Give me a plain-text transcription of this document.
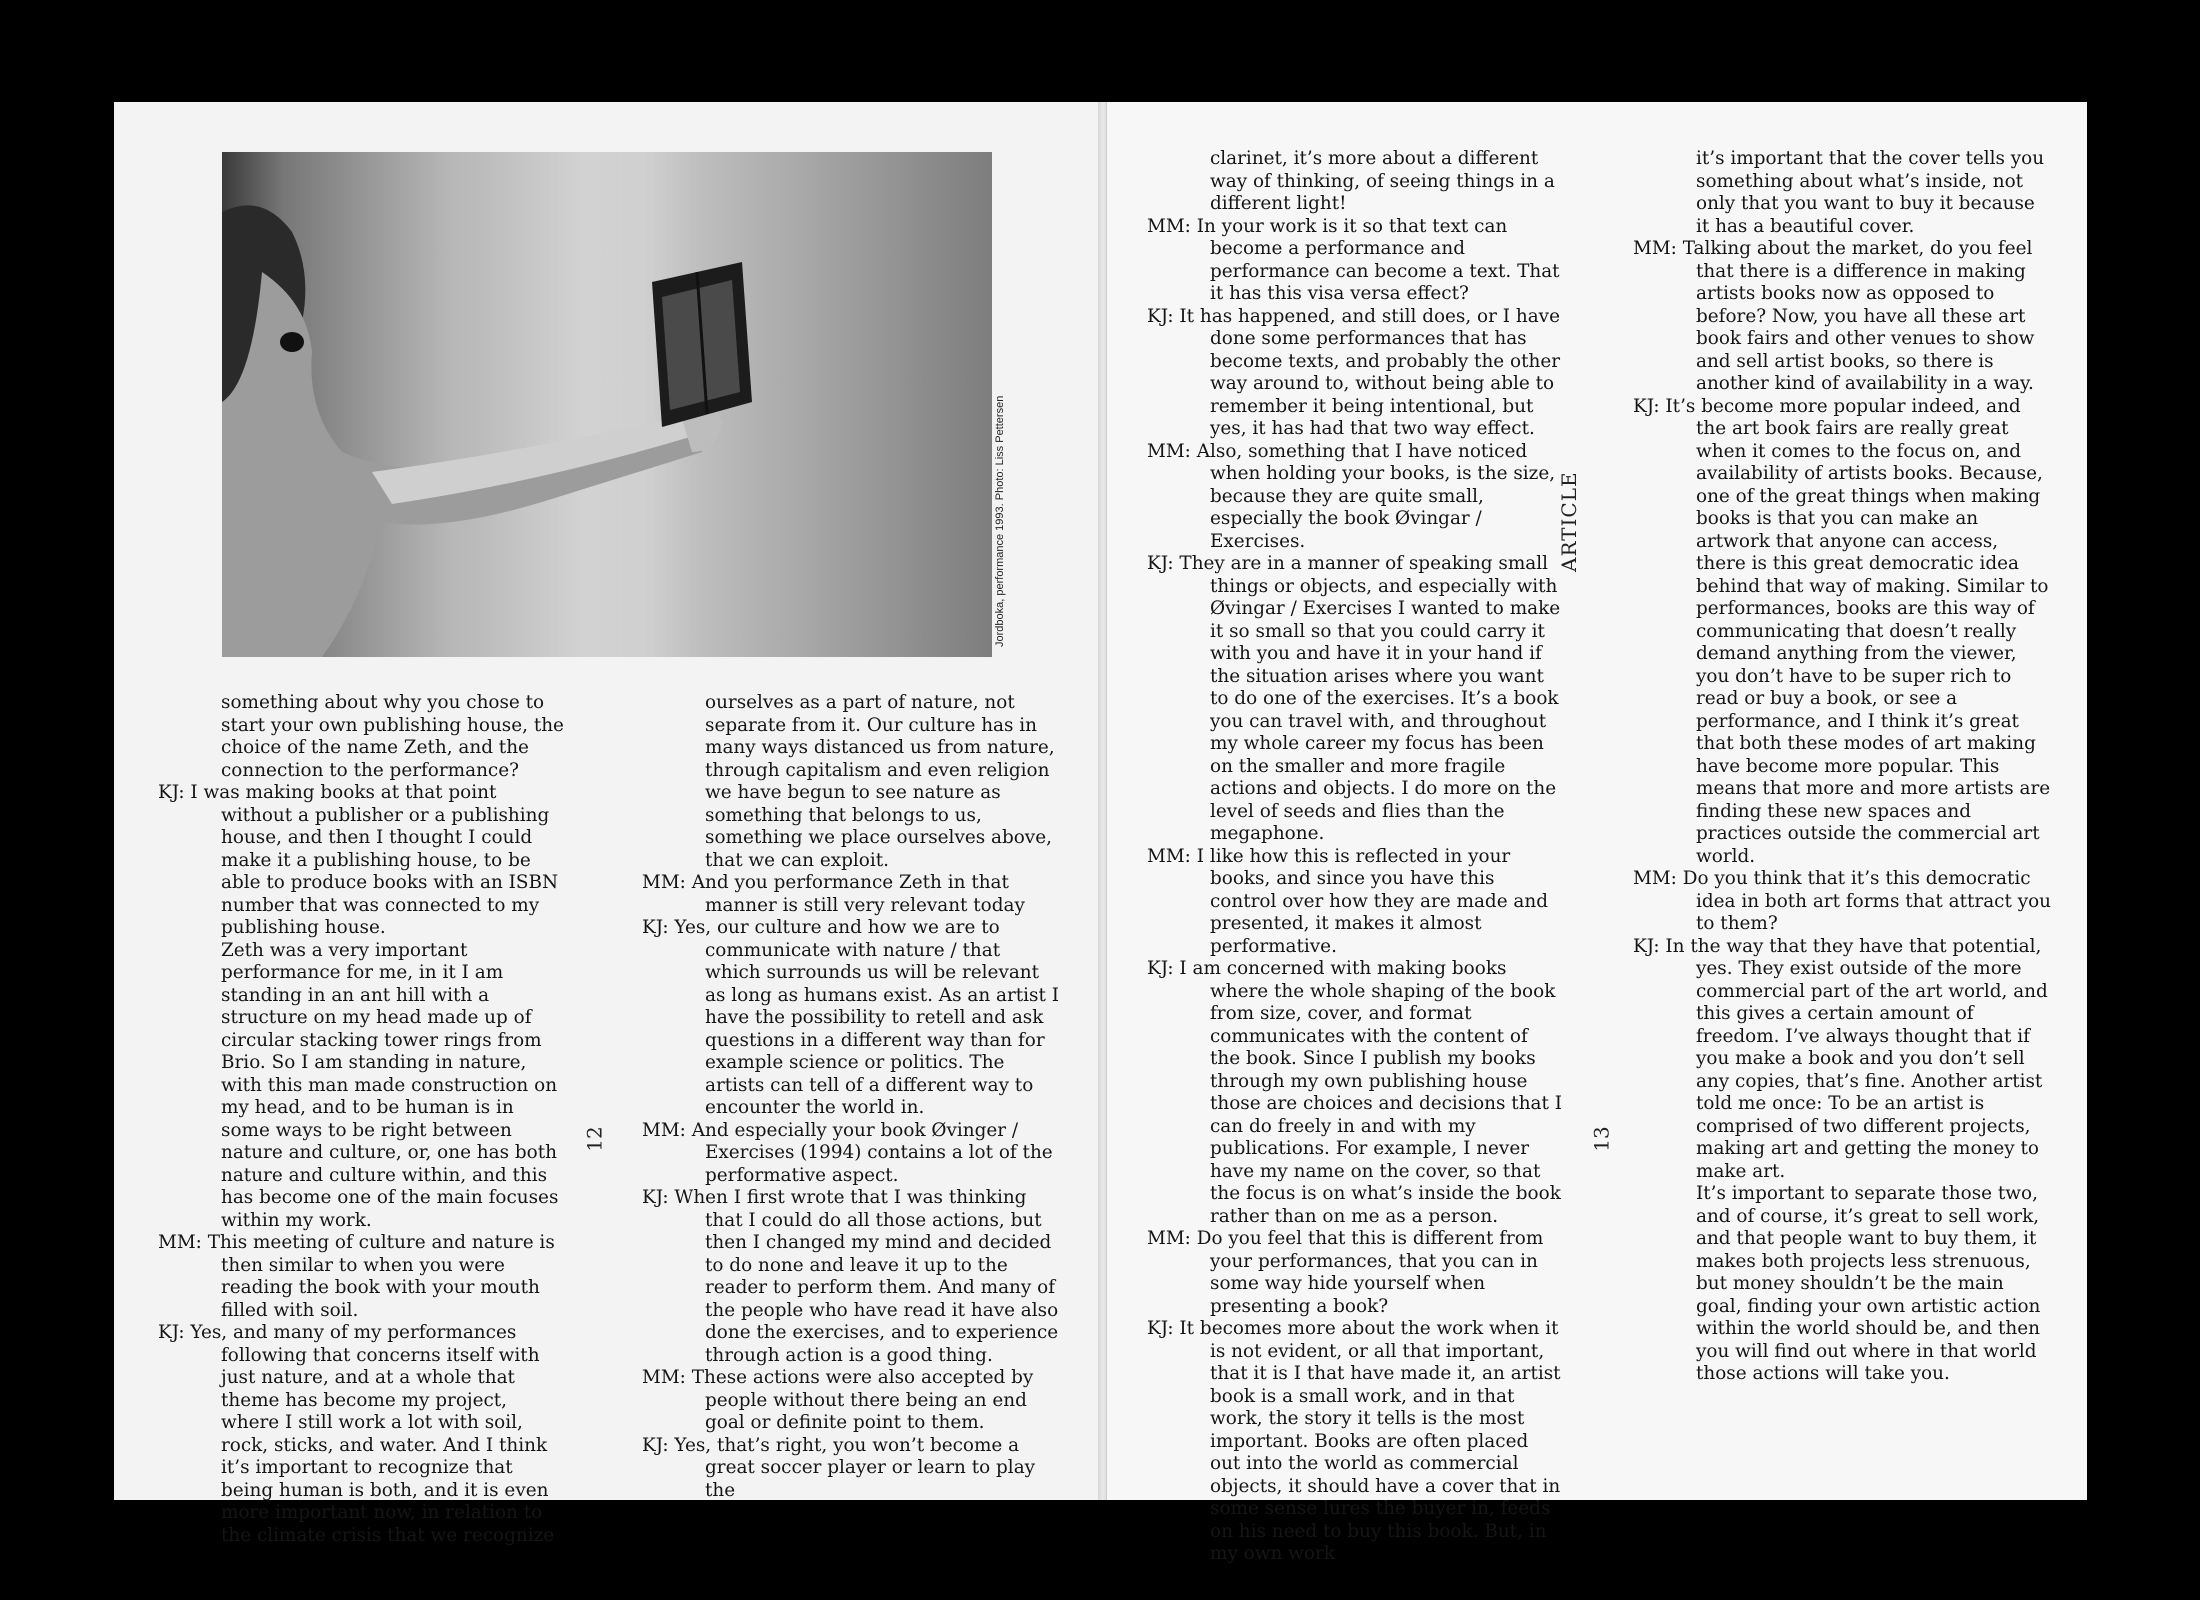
Jordboka, performance 1993. Photo: Liss Pettersen

something about why you chose to start your own publishing house, the choice of the name Zeth, and the connection to the performance?

KJ: I was making books at that point without a publisher or a publishing house, and then I thought I could make it a publishing house, to be able to produce books with an ISBN number that was connected to my publishing house.

Zeth was a very important performance for me, in it I am standing in an ant hill with a structure on my head made up of circular stacking tower rings from Brio. So I am standing in nature, with this man made construction on my head, and to be human is in some ways to be right between nature and culture, or, one has both nature and culture within, and this has become one of the main focuses within my work.

MM: This meeting of culture and nature is then similar to when you were reading the book with your mouth filled with soil.

KJ: Yes, and many of my performances following that concerns itself with just nature, and at a whole that theme has become my project, where I still work a lot with soil, rock, sticks, and water. And I think it’s important to recognize that being human is both, and it is even more important now, in relation to the climate crisis that we recognize

ourselves as a part of nature, not separate from it. Our culture has in many ways distanced us from nature, through capitalism and even religion we have begun to see nature as something that belongs to us, something we place ourselves above, that we can exploit.

MM: And you performance Zeth in that manner is still very relevant today

KJ: Yes, our culture and how we are to communicate with nature / that which surrounds us will be relevant as long as humans exist. As an artist I have the possibility to retell and ask questions in a different way than for example science or politics. The artists can tell of a different way to encounter the world in.

MM: And especially your book Øvinger / Exercises (1994) contains a lot of the performative aspect.

KJ: When I first wrote that I was thinking that I could do all those actions, but then I changed my mind and decided to do none and leave it up to the reader to perform them. And many of the people who have read it have also done the exercises, and to experience through action is a good thing.

MM: These actions were also accepted by people without there being an end goal or definite point to them.

KJ: Yes, that’s right, you won’t become a great soccer player or learn to play the

12

clarinet, it’s more about a different way of thinking, of seeing things in a different light!

MM: In your work is it so that text can become a performance and performance can become a text. That it has this visa versa effect?

KJ: It has happened, and still does, or I have done some performances that has become texts, and probably the other way around to, without being able to remember it being intentional, but yes, it has had that two way effect.

MM: Also, something that I have noticed when holding your books, is the size, because they are quite small, especially the book Øvingar / Exercises.

KJ: They are in a manner of speaking small things or objects, and especially with Øvingar / Exercises I wanted to make it so small so that you could carry it with you and have it in your hand if the situation arises where you want to do one of the exercises. It’s a book you can travel with, and throughout my whole career my focus has been on the smaller and more fragile actions and objects. I do more on the level of seeds and flies than the megaphone.

MM: I like how this is reflected in your books, and since you have this control over how they are made and presented, it makes it almost performative.

KJ: I am concerned with making books where the whole shaping of the book from size, cover, and format communicates with the content of the book. Since I publish my books through my own publishing house those are choices and decisions that I can do freely in and with my publications. For example, I never have my name on the cover, so that the focus is on what’s inside the book rather than on me as a person.

MM: Do you feel that this is different from your performances, that you can in some way hide yourself when presenting a book?

KJ: It becomes more about the work when it is not evident, or all that important, that it is I that have made it, an artist book is a small work, and in that work, the story it tells is the most important. Books are often placed out into the world as commercial objects, it should have a cover that in some sense lures the buyer in, feeds on his need to buy this book. But, in my own work

ARTICLE
13

it’s important that the cover tells you something about what’s inside, not only that you want to buy it because it has a beautiful cover.

MM: Talking about the market, do you feel that there is a difference in making artists books now as opposed to before? Now, you have all these art book fairs and other venues to show and sell artist books, so there is another kind of availability in a way.

KJ: It’s become more popular indeed, and the art book fairs are really great when it comes to the focus on, and availability of artists books. Because, one of the great things when making books is that you can make an artwork that anyone can access, there is this great democratic idea behind that way of making. Similar to performances, books are this way of communicating that doesn’t really demand anything from the viewer, you don’t have to be super rich to read or buy a book, or see a performance, and I think it’s great that both these modes of art making have become more popular. This means that more and more artists are finding these new spaces and practices outside the commercial art world.

MM: Do you think that it’s this democratic idea in both art forms that attract you to them?

KJ: In the way that they have that potential, yes. They exist outside of the more commercial part of the art world, and this gives a certain amount of freedom. I’ve always thought that if you make a book and you don’t sell any copies, that’s fine. Another artist told me once: To be an artist is comprised of two different projects, making art and getting the money to make art.

It’s important to separate those two, and of course, it’s great to sell work, and that people want to buy them, it makes both projects less strenuous, but money shouldn’t be the main goal, finding your own artistic action within the world should be, and then you will find out where in that world those actions will take you.
